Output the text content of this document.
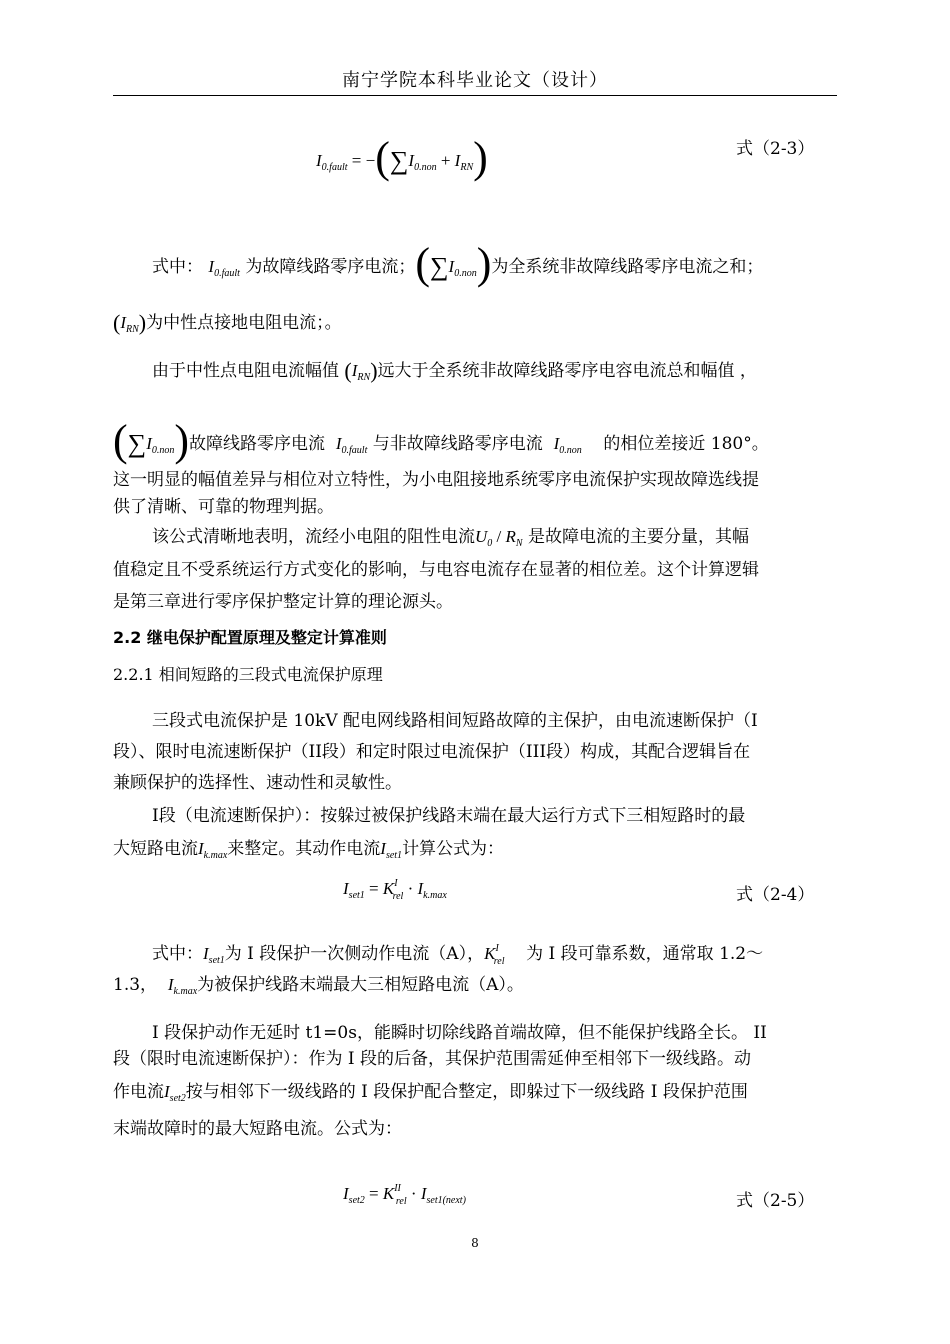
南宁学院本科毕业论文（设计）
$I_{0.fault} = -(\sum I_{0.non} + I_{RN})$	式（2-3）
式中： $I_{0.fault}$ 为故障线路零序电流；$(\sum I_{0.non})$为全系统非故障线路零序电流之和；
$(I_{RN})$为中性点接地电阻电流；。
由于中性点电阻电流幅值 $(I_{RN})$远大于全系统非故障线路零序电容电流总和幅值 ，
$(\sum I_{0.non})$故障线路零序电流 $I_{0.fault}$ 与非故障线路零序电流 $I_{0.non}$ 的相位差接近 180°。
这一明显的幅值差异与相位对立特性，为小电阻接地系统零序电流保护实现故障选线提
供了清晰、可靠的物理判据。
该公式清晰地表明，流经小电阻的阻性电流$U_0 / R_N$ 是故障电流的主要分量，其幅
值稳定且不受系统运行方式变化的影响，与电容电流存在显著的相位差。这个计算逻辑
是第三章进行零序保护整定计算的理论源头。
2.2 继电保护配置原理及整定计算准则
2.2.1 相间短路的三段式电流保护原理
三段式电流保护是 10kV 配电网线路相间短路故障的主保护，由电流速断保护（I
段）、限时电流速断保护（II段）和定时限过电流保护（III段）构成，其配合逻辑旨在
兼顾保护的选择性、速动性和灵敏性。
I段（电流速断保护）：按躲过被保护线路末端在最大运行方式下三相短路时的最
大短路电流$I_{k.max}$来整定。其动作电流$I_{set1}$计算公式为：
$I_{set1} = K^I_{rel} \cdot I_{k.max}$	式（2-4）
式中：$I_{set1}$为 I 段保护一次侧动作电流（A），$K^I_{rel}$ 为 I 段可靠系数，通常取 1.2～
1.3， $I_{k.max}$为被保护线路末端最大三相短路电流（A）。
I 段保护动作无延时 t1=0s，能瞬时切除线路首端故障，但不能保护线路全长。 II
段（限时电流速断保护）：作为 I 段的后备，其保护范围需延伸至相邻下一级线路。动
作电流$I_{set2}$按与相邻下一级线路的 I 段保护配合整定，即躲过下一级线路 I 段保护范围
末端故障时的最大短路电流。公式为：
$I_{set2} = K^{II}_{rel} \cdot I_{set1(next)}$	式（2-5）
8
